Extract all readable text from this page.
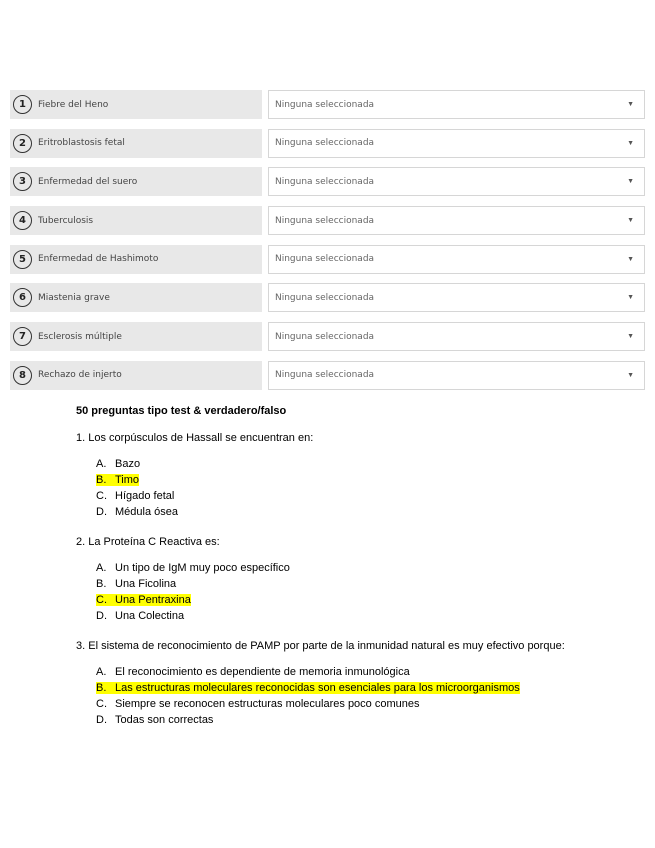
1	Fiebre del Heno	Ninguna seleccionada	▼
2	Eritroblastosis fetal	Ninguna seleccionada	▼
3	Enfermedad del suero	Ninguna seleccionada	▼
4	Tuberculosis	Ninguna seleccionada	▼
5	Enfermedad de Hashimoto	Ninguna seleccionada	▼
6	Miastenia grave	Ninguna seleccionada	▼
7	Esclerosis múltiple	Ninguna seleccionada	▼
8	Rechazo de injerto	Ninguna seleccionada	▼

50 preguntas tipo test & verdadero/falso

1. Los corpúsculos de Hassall se encuentran en:

A. Bazo
B. Timo
C. Hígado fetal
D. Médula ósea

2. La Proteína C Reactiva es:

A. Un tipo de IgM muy poco específico
B. Una Ficolina
C. Una Pentraxina
D. Una Colectina

3. El sistema de reconocimiento de PAMP por parte de la inmunidad natural es muy efectivo porque:

A. El reconocimiento es dependiente de memoria inmunológica
B. Las estructuras moleculares reconocidas son esenciales para los microorganismos
C. Siempre se reconocen estructuras moleculares poco comunes
D. Todas son correctas
